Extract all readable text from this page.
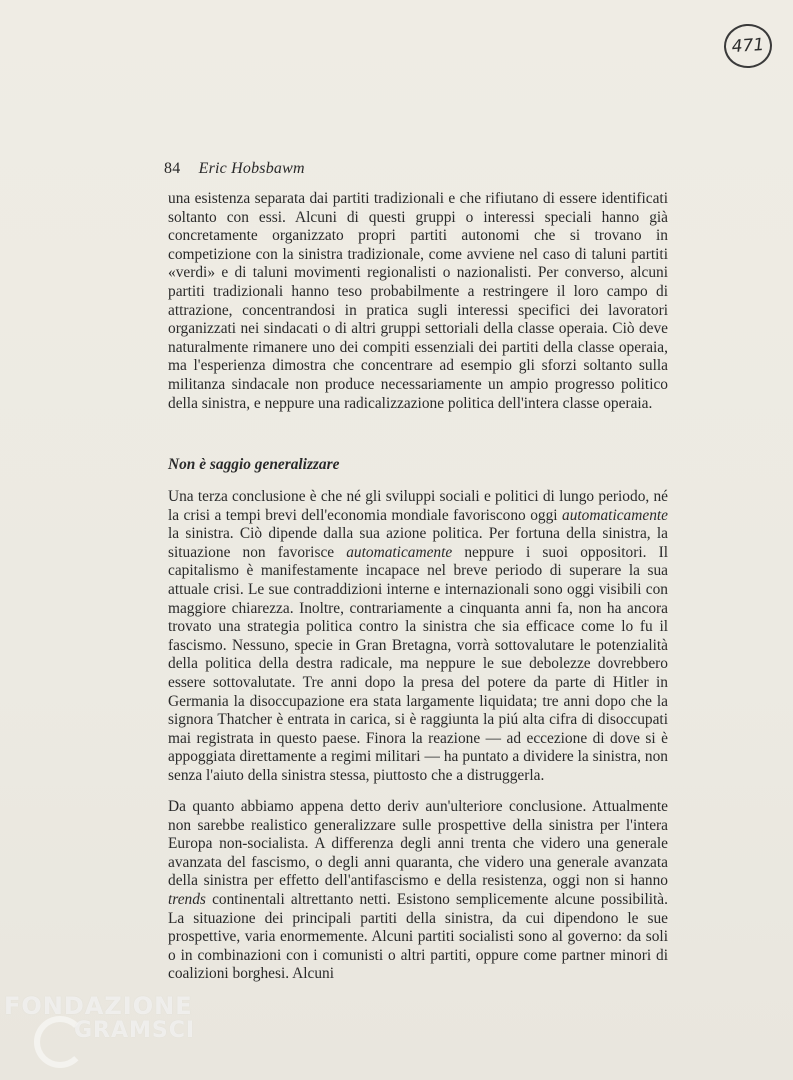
471
84 Eric Hobsbawm

una esistenza separata dai partiti tradizionali e che rifiutano di essere identificati soltanto con essi. Alcuni di questi gruppi o interessi speciali hanno già concretamente organizzato propri partiti autonomi che si trovano in competizione con la sinistra tradizionale, come avviene nel caso di taluni partiti «verdi» e di taluni movimenti regionalisti o nazionalisti. Per converso, alcuni partiti tradizionali hanno teso probabilmente a restringere il loro campo di attrazione, concentrandosi in pratica sugli interessi specifici dei lavoratori organizzati nei sindacati o di altri gruppi settoriali della classe operaia. Ciò deve naturalmente rimanere uno dei compiti essenziali dei partiti della classe operaia, ma l'esperienza dimostra che concentrare ad esempio gli sforzi soltanto sulla militanza sindacale non produce necessariamente un ampio progresso politico della sinistra, e neppure una radicalizzazione politica dell'intera classe operaia.

Non è saggio generalizzare

Una terza conclusione è che né gli sviluppi sociali e politici di lungo periodo, né la crisi a tempi brevi dell'economia mondiale favoriscono oggi automaticamente la sinistra. Ciò dipende dalla sua azione politica. Per fortuna della sinistra, la situazione non favorisce automaticamente neppure i suoi oppositori. Il capitalismo è manifestamente incapace nel breve periodo di superare la sua attuale crisi. Le sue contraddizioni interne e internazionali sono oggi visibili con maggiore chiarezza. Inoltre, contrariamente a cinquanta anni fa, non ha ancora trovato una strategia politica contro la sinistra che sia efficace come lo fu il fascismo. Nessuno, specie in Gran Bretagna, vorrà sottovalutare le potenzialità della politica della destra radicale, ma neppure le sue debolezze dovrebbero essere sottovalutate. Tre anni dopo la presa del potere da parte di Hitler in Germania la disoccupazione era stata largamente liquidata; tre anni dopo che la signora Thatcher è entrata in carica, si è raggiunta la piú alta cifra di disoccupati mai registrata in questo paese. Finora la reazione — ad eccezione di dove si è appoggiata direttamente a regimi militari — ha puntato a dividere la sinistra, non senza l'aiuto della sinistra stessa, piuttosto che a distruggerla.

Da quanto abbiamo appena detto deriv aun'ulteriore conclusione. Attualmente non sarebbe realistico generalizzare sulle prospettive della sinistra per l'intera Europa non-socialista. A differenza degli anni trenta che videro una generale avanzata del fascismo, o degli anni quaranta, che videro una generale avanzata della sinistra per effetto dell'antifascismo e della resistenza, oggi non si hanno trends continentali altrettanto netti. Esistono semplicemente alcune possibilità. La situazione dei principali partiti della sinistra, da cui dipendono le sue prospettive, varia enormemente. Alcuni partiti socialisti sono al governo: da soli o in combinazioni con i comunisti o altri partiti, oppure come partner minori di coalizioni borghesi. Alcuni

FONDAZIONE
GRAMSCI
